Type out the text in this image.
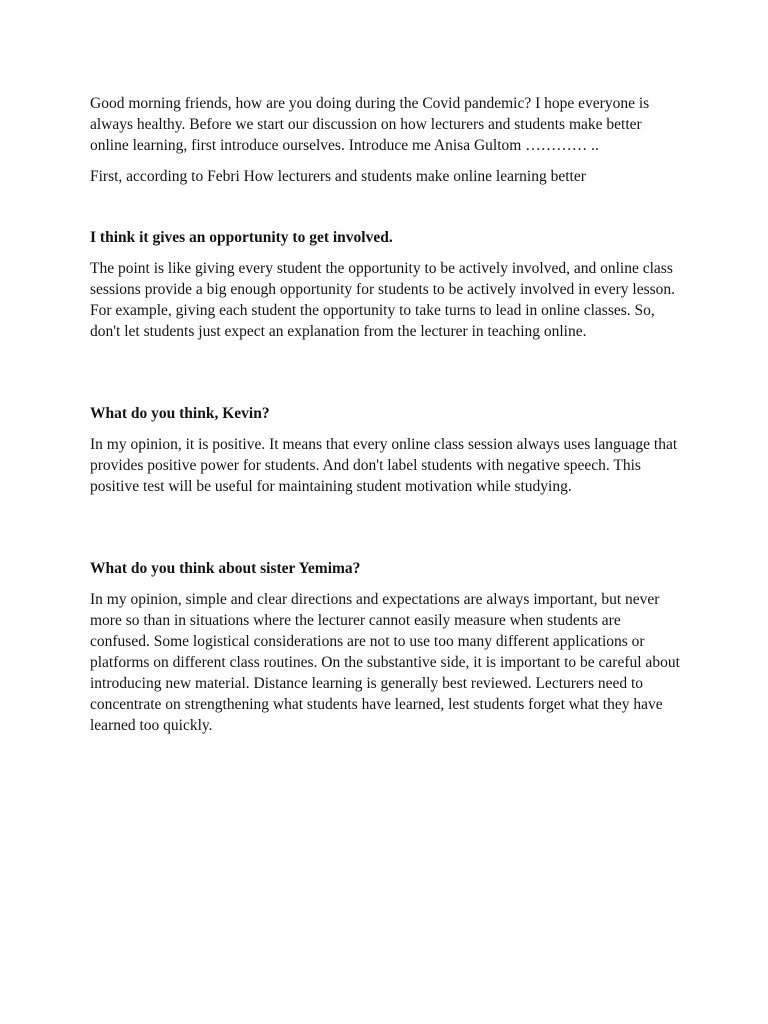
Good morning friends, how are you doing during the Covid pandemic? I hope everyone is always healthy. Before we start our discussion on how lecturers and students make better online learning, first introduce ourselves. Introduce me Anisa Gultom ………… ..

First, according to Febri How lecturers and students make online learning better

I think it gives an opportunity to get involved.

The point is like giving every student the opportunity to be actively involved, and online class sessions provide a big enough opportunity for students to be actively involved in every lesson. For example, giving each student the opportunity to take turns to lead in online classes. So, don't let students just expect an explanation from the lecturer in teaching online.

What do you think, Kevin?

In my opinion, it is positive. It means that every online class session always uses language that provides positive power for students. And don't label students with negative speech. This positive test will be useful for maintaining student motivation while studying.

What do you think about sister Yemima?

In my opinion, simple and clear directions and expectations are always important, but never more so than in situations where the lecturer cannot easily measure when students are confused. Some logistical considerations are not to use too many different applications or platforms on different class routines. On the substantive side, it is important to be careful about introducing new material. Distance learning is generally best reviewed. Lecturers need to concentrate on strengthening what students have learned, lest students forget what they have learned too quickly.
